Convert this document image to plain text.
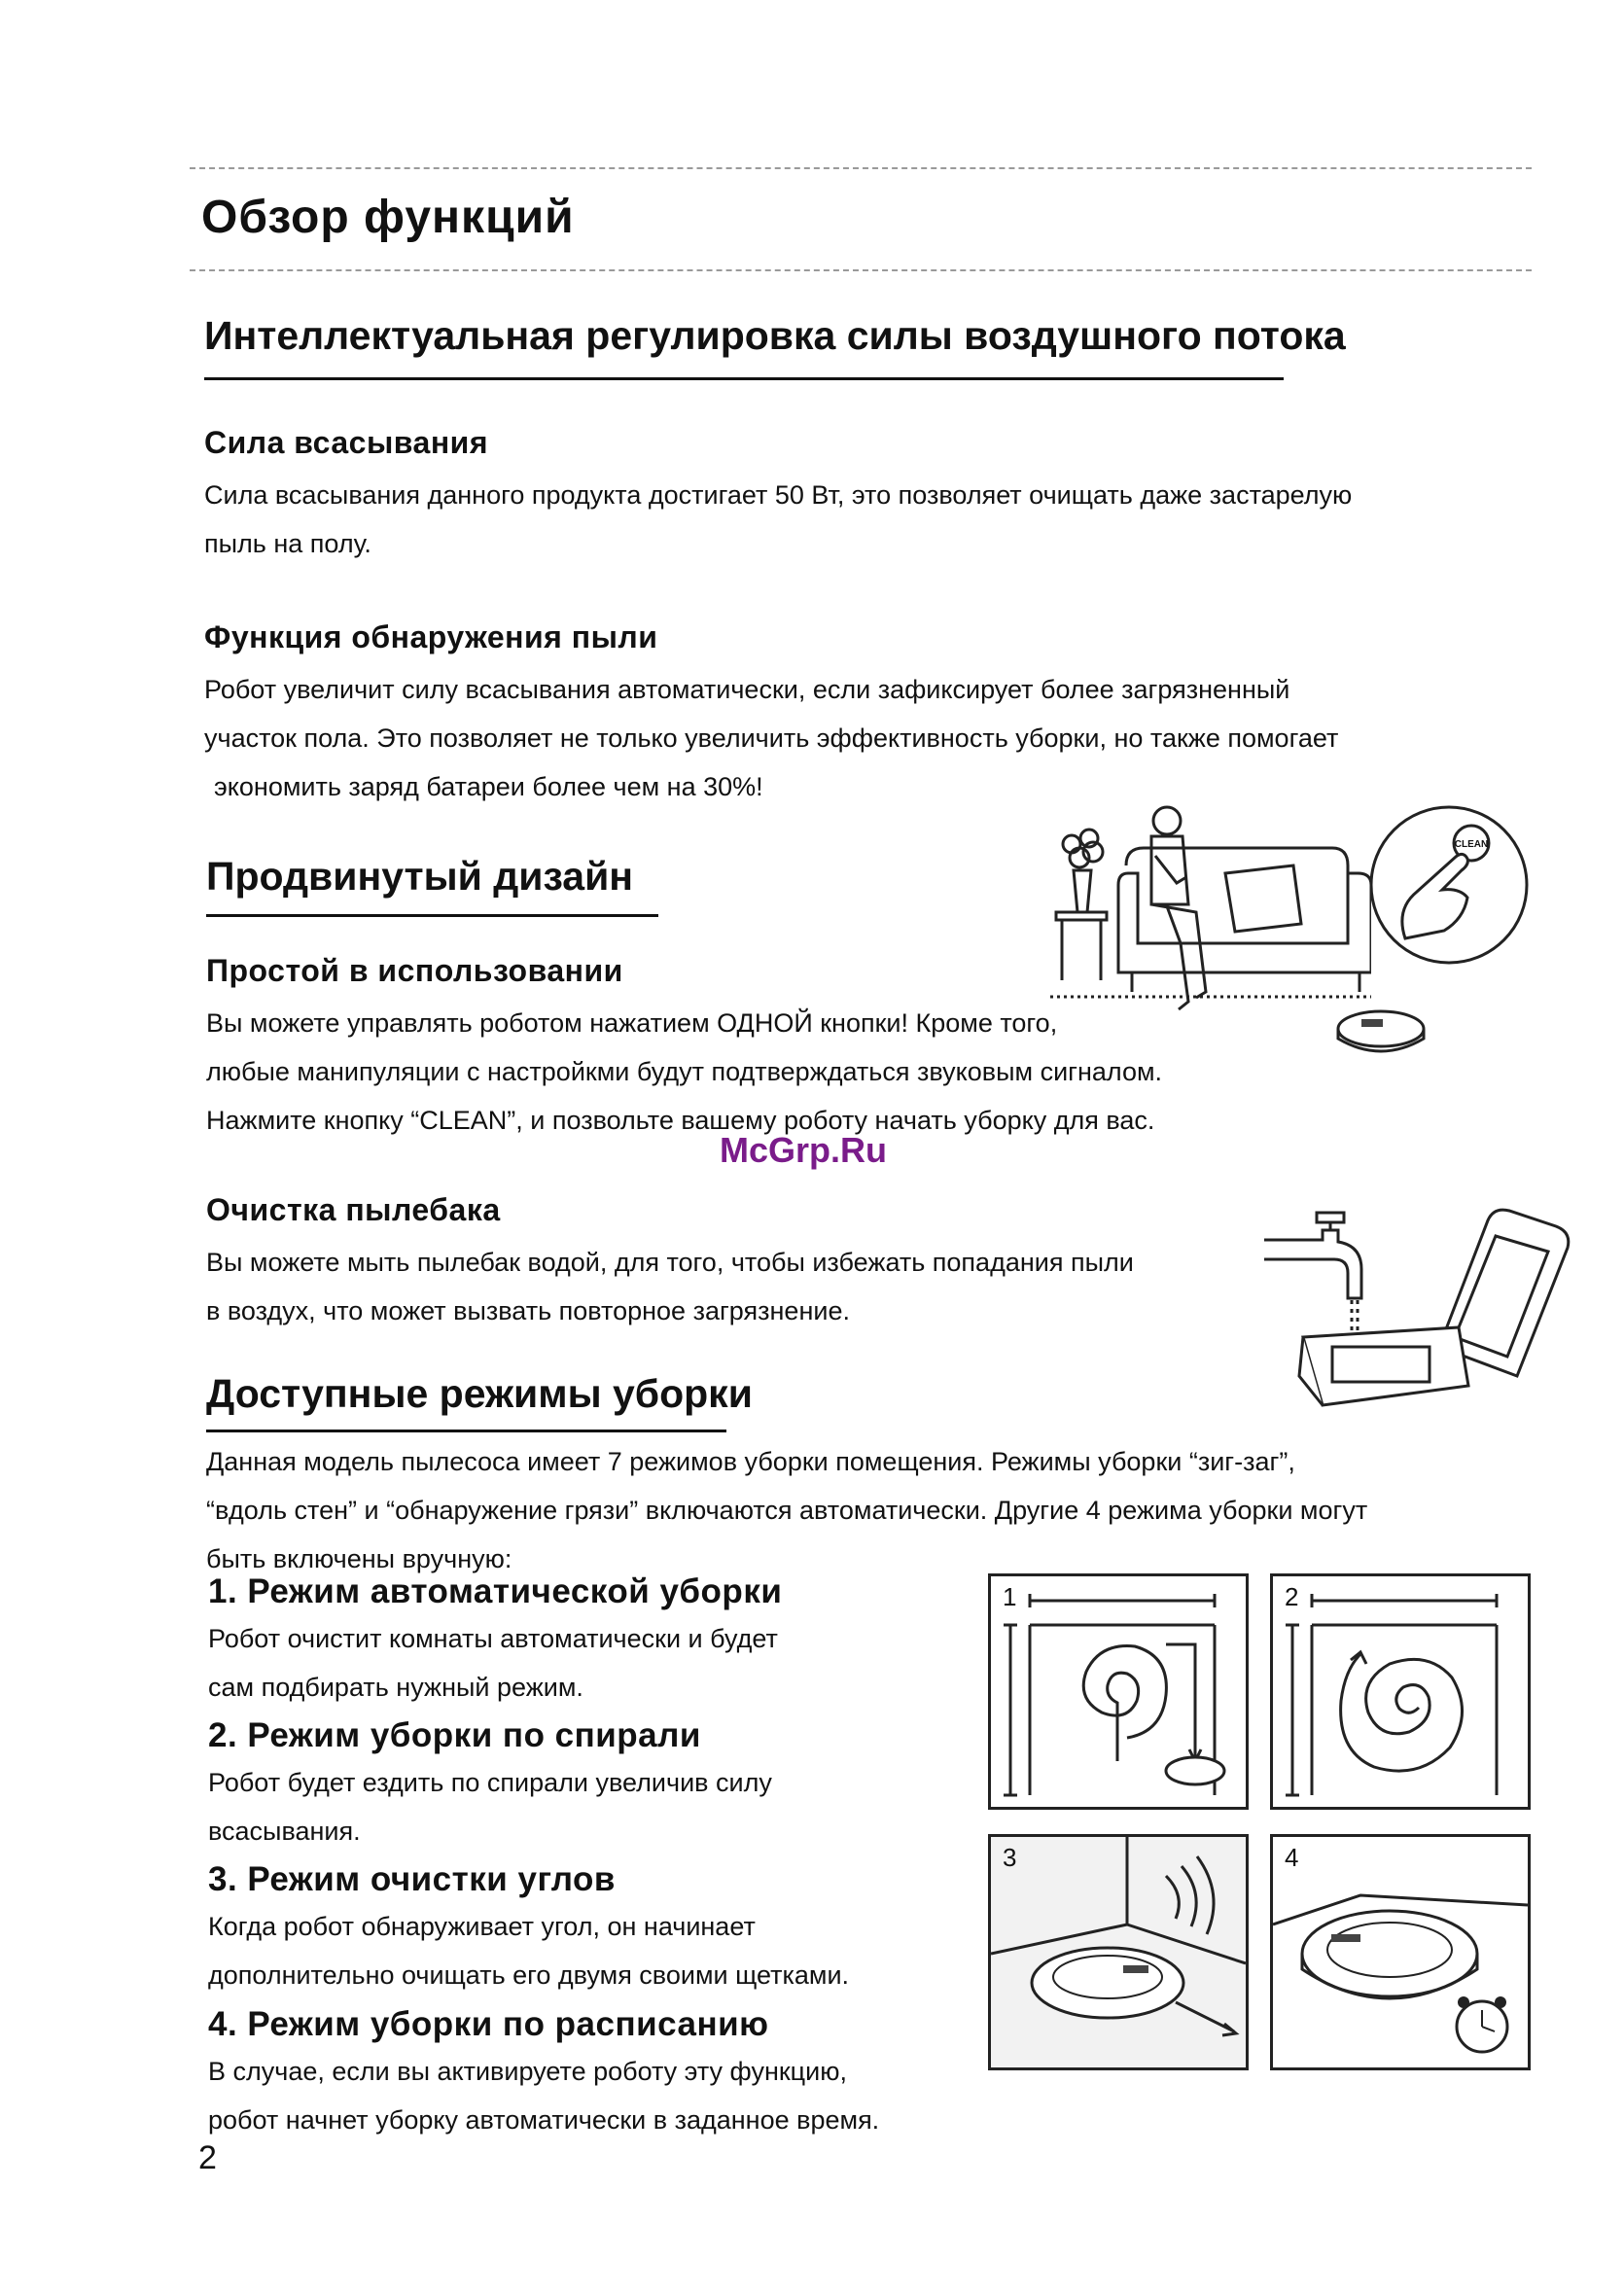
Обзор функций
Интеллектуальная регулировка силы воздушного потока
Сила всасывания
Сила всасывания данного продукта достигает 50 Вт, это позволяет очищать даже застарелую
пыль на полу.
Функция обнаружения пыли
Робот увеличит силу всасывания автоматически, если зафиксирует более загрязненный
участок пола. Это позволяет не только увеличить эффективность уборки, но также помогает
экономить заряд батареи более чем на 30%!
Продвинутый дизайн
CLEAN
Простой в использовании
Вы можете управлять роботом нажатием ОДНОЙ кнопки! Кроме того,
любые манипуляции с настройкми будут подтверждаться звуковым сигналом.
Нажмите кнопку “CLEAN”, и позвольте вашему роботу начать уборку для вас.
McGrp.Ru
Очистка пылебака
Вы можете мыть пылебак водой, для того, чтобы избежать попадания пыли
в воздух, что может вызвать повторное загрязнение.
Доступные режимы уборки
Данная модель пылесоса имеет 7 режимов уборки помещения. Режимы уборки “зиг-заг”,
“вдоль стен” и “обнаружение грязи” включаются автоматически. Другие 4 режима уборки могут
быть включены вручную:
1. Режим автоматической уборки
Робот очистит комнаты автоматически и будет
сам подбирать нужный режим.
2. Режим уборки по спирали
Робот будет ездить по спирали увеличив силу
всасывания.
3. Режим очистки углов
Когда робот обнаруживает угол, он начинает
дополнительно очищать его двумя своими щетками.
4. Режим уборки по расписанию
В случае, если вы активируете роботу эту функцию,
робот начнет уборку автоматически в заданное время.
1	2
3	4
2
